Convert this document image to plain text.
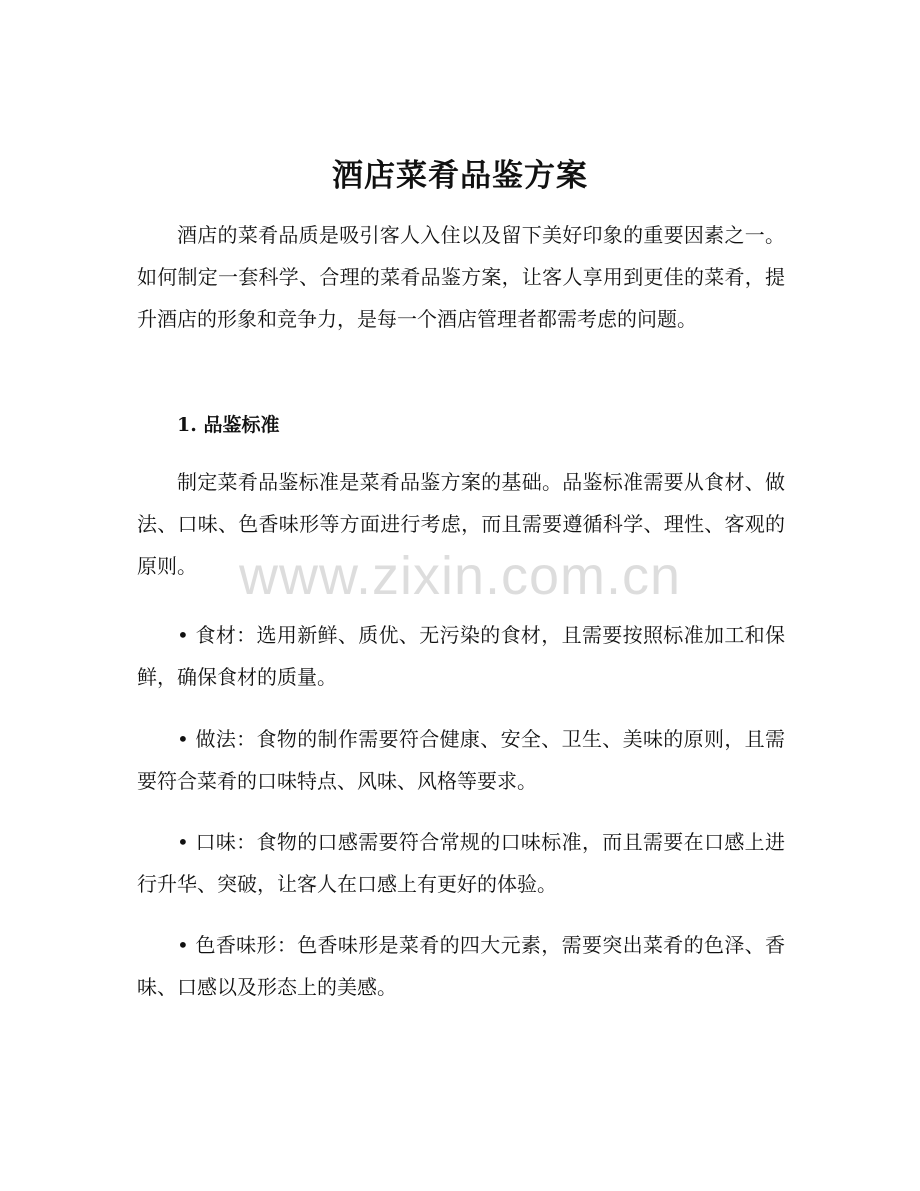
酒店菜肴品鉴方案
酒店的菜肴品质是吸引客人入住以及留下美好印象的重要因素之一。如何制定一套科学、合理的菜肴品鉴方案，让客人享用到更佳的菜肴，提升酒店的形象和竞争力，是每一个酒店管理者都需考虑的问题。
1. 品鉴标准
制定菜肴品鉴标准是菜肴品鉴方案的基础。品鉴标准需要从食材、做法、口味、色香味形等方面进行考虑，而且需要遵循科学、理性、客观的原则。
• 食材：选用新鲜、质优、无污染的食材，且需要按照标准加工和保鲜，确保食材的质量。
• 做法：食物的制作需要符合健康、安全、卫生、美味的原则，且需要符合菜肴的口味特点、风味、风格等要求。
• 口味：食物的口感需要符合常规的口味标准，而且需要在口感上进行升华、突破，让客人在口感上有更好的体验。
• 色香味形：色香味形是菜肴的四大元素，需要突出菜肴的色泽、香味、口感以及形态上的美感。
www.zixin.com.cn
